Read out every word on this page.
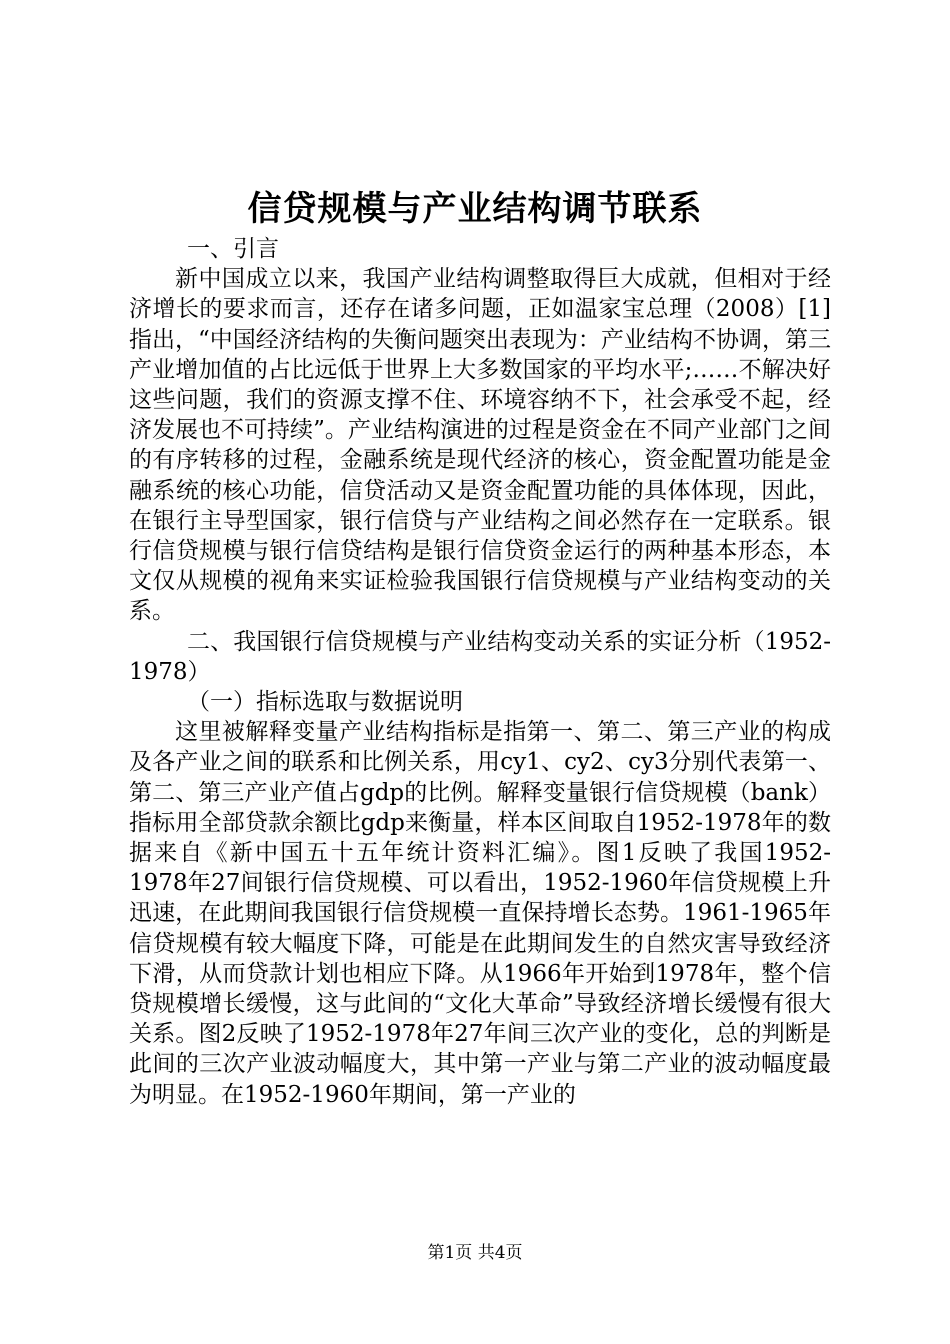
信贷规模与产业结构调节联系

一、引言

新中国成立以来，我国产业结构调整取得巨大成就，但相对于经济增长的要求而言，还存在诸多问题，正如温家宝总理（2008）[1]指出，“中国经济结构的失衡问题突出表现为：产业结构不协调，第三产业增加值的占比远低于世界上大多数国家的平均水平;……不解决好这些问题，我们的资源支撑不住、环境容纳不下，社会承受不起，经济发展也不可持续”。产业结构演进的过程是资金在不同产业部门之间的有序转移的过程，金融系统是现代经济的核心，资金配置功能是金融系统的核心功能，信贷活动又是资金配置功能的具体体现，因此，在银行主导型国家，银行信贷与产业结构之间必然存在一定联系。银行信贷规模与银行信贷结构是银行信贷资金运行的两种基本形态，本文仅从规模的视角来实证检验我国银行信贷规模与产业结构变动的关系。

二、我国银行信贷规模与产业结构变动关系的实证分析（1952-1978）

（一）指标选取与数据说明

这里被解释变量产业结构指标是指第一、第二、第三产业的构成及各产业之间的联系和比例关系，用cy1、cy2、cy3分别代表第一、第二、第三产业产值占gdp的比例。解释变量银行信贷规模（bank）指标用全部贷款余额比gdp来衡量，样本区间取自1952-1978年的数据来自《新中国五十五年统计资料汇编》。图1反映了我国1952-1978年27间银行信贷规模、可以看出，1952-1960年信贷规模上升迅速，在此期间我国银行信贷规模一直保持增长态势。1961-1965年信贷规模有较大幅度下降，可能是在此期间发生的自然灾害导致经济下滑，从而贷款计划也相应下降。从1966年开始到1978年，整个信贷规模增长缓慢，这与此间的“文化大革命”导致经济增长缓慢有很大关系。图2反映了1952-1978年27年间三次产业的变化，总的判断是此间的三次产业波动幅度大，其中第一产业与第二产业的波动幅度最为明显。在1952-1960年期间，第一产业的

第1页 共4页
